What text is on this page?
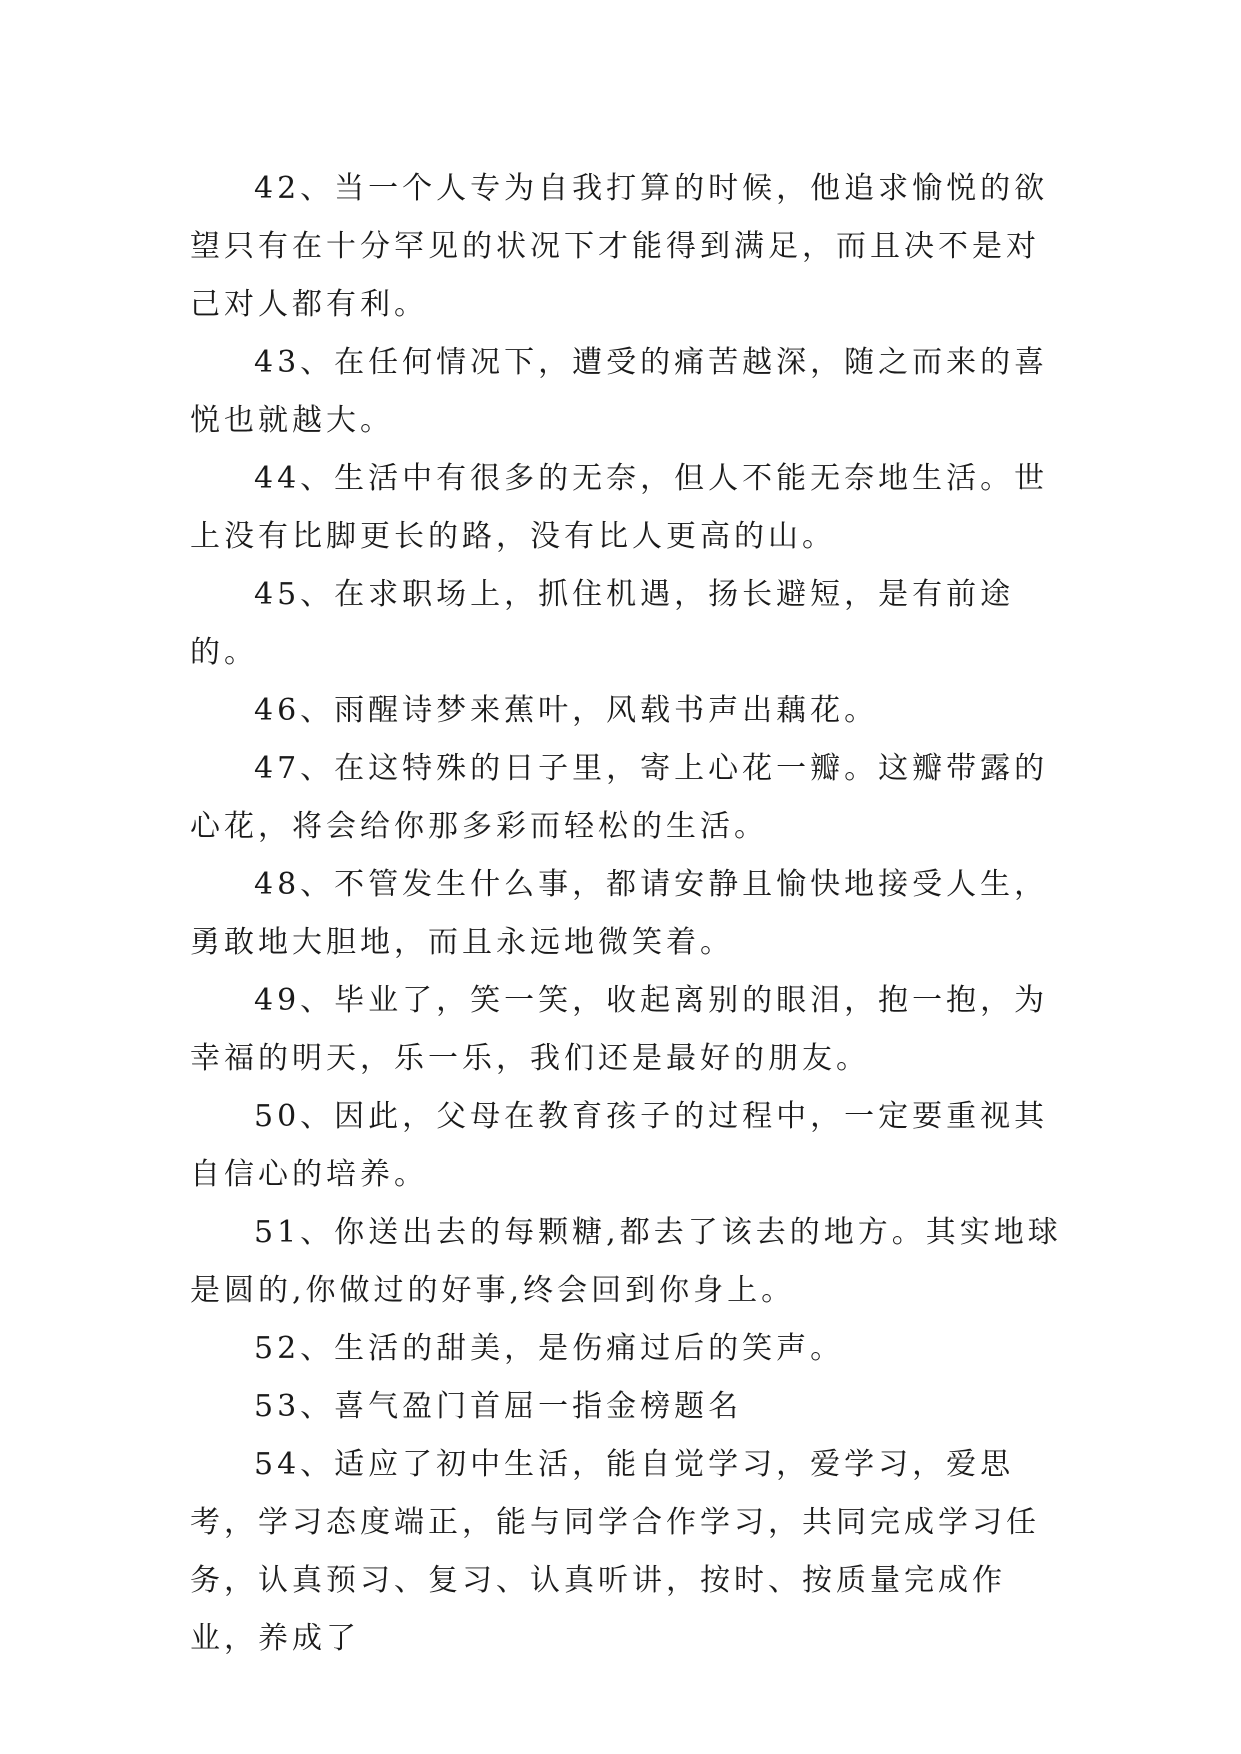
42、当一个人专为自我打算的时候，他追求愉悦的欲望只有在十分罕见的状况下才能得到满足，而且决不是对己对人都有利。

43、在任何情况下，遭受的痛苦越深，随之而来的喜悦也就越大。

44、生活中有很多的无奈，但人不能无奈地生活。世上没有比脚更长的路，没有比人更高的山。

45、在求职场上，抓住机遇，扬长避短，是有前途的。

46、雨醒诗梦来蕉叶，风载书声出藕花。

47、在这特殊的日子里，寄上心花一瓣。这瓣带露的心花，将会给你那多彩而轻松的生活。

48、不管发生什么事，都请安静且愉快地接受人生，勇敢地大胆地，而且永远地微笑着。

49、毕业了，笑一笑，收起离别的眼泪，抱一抱，为幸福的明天，乐一乐，我们还是最好的朋友。

50、因此，父母在教育孩子的过程中，一定要重视其自信心的培养。

51、你送出去的每颗糖,都去了该去的地方。其实地球是圆的,你做过的好事,终会回到你身上。

52、生活的甜美，是伤痛过后的笑声。

53、喜气盈门首屈一指金榜题名

54、适应了初中生活，能自觉学习，爱学习，爱思考，学习态度端正，能与同学合作学习，共同完成学习任务，认真预习、复习、认真听讲，按时、按质量完成作业，养成了
